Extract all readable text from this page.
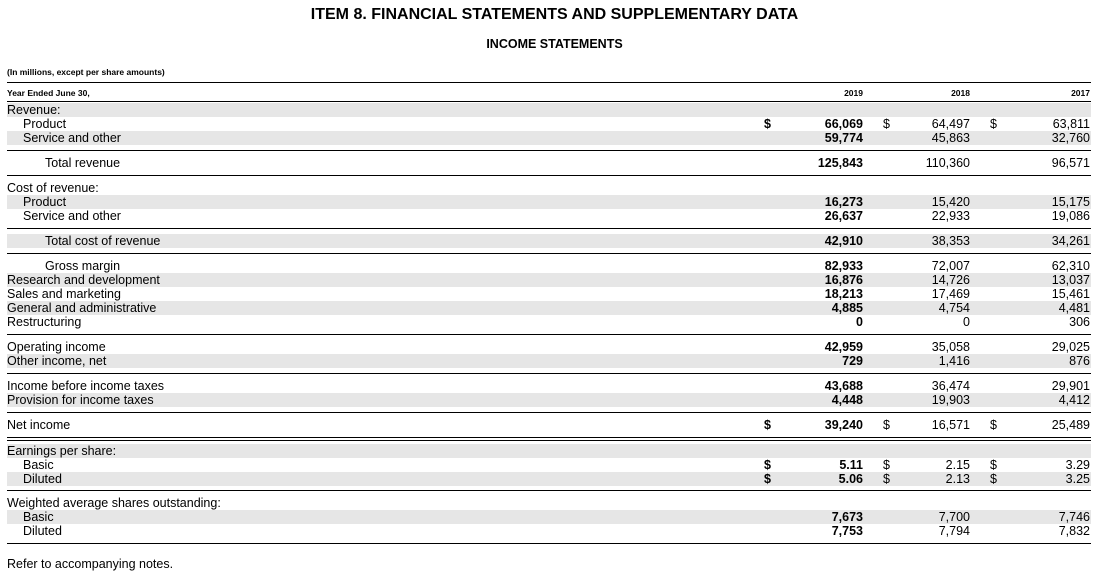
ITEM 8. FINANCIAL STATEMENTS AND SUPPLEMENTARY DATA
INCOME STATEMENTS
(In millions, except per share amounts)
Year Ended June 30,	2019	2018	2017
Revenue:
Product	$	66,069 $	64,497 $	63,811
Service and other	59,774	45,863	32,760
Total revenue	125,843	110,360	96,571
Cost of revenue:
Product	16,273	15,420	15,175
Service and other	26,637	22,933	19,086
Total cost of revenue	42,910	38,353	34,261
Gross margin	82,933	72,007	62,310
Research and development	16,876	14,726	13,037
Sales and marketing	18,213	17,469	15,461
General and administrative	4,885	4,754	4,481
Restructuring	0	0	306
Operating income	42,959	35,058	29,025
Other income, net	729	1,416	876
Income before income taxes	43,688	36,474	29,901
Provision for income taxes	4,448	19,903	4,412
Net income	$	39,240 $	16,571 $	25,489
Earnings per share:
Basic	$	5.11 $	2.15 $	3.29
Diluted	$	5.06 $	2.13 $	3.25
Weighted average shares outstanding:
Basic	7,673	7,700	7,746
Diluted	7,753	7,794	7,832
Refer to accompanying notes.
